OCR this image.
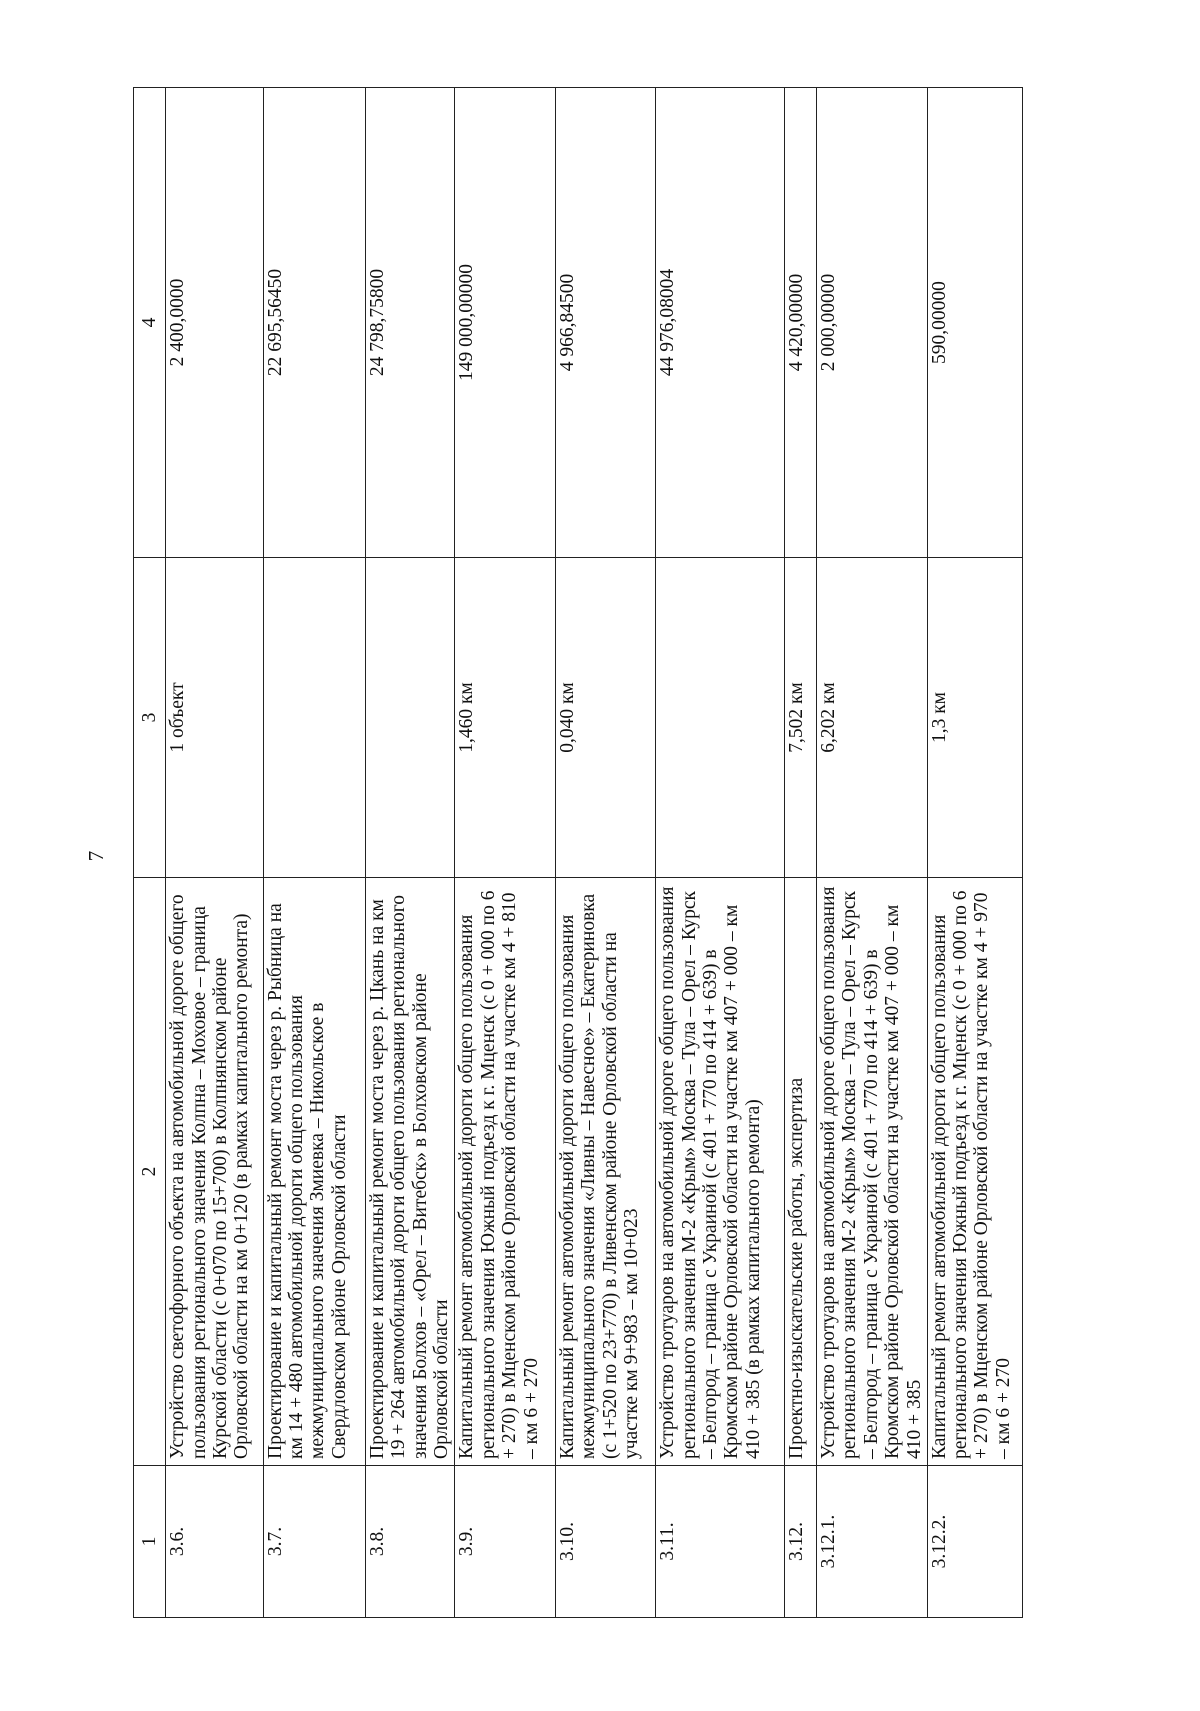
7
1	2	3	4
3.6.	Устройство светофорного объекта на автомобильной дороге общего пользования регионального значения Колпна – Моховое – граница Курской области (с 0+070 по 15+700) в Колпнянском районе Орловской области на км 0+120 (в рамках капитального ремонта)	1 объект	2 400,0000
3.7.	Проектирование и капитальный ремонт моста через р. Рыбница на км 14 + 480 автомобильной дороги общего пользования межмуниципального значения Змиевка – Никольское в Свердловском районе Орловской области		22 695,56450
3.8.	Проектирование и капитальный ремонт моста через р. Цкань на км 19 + 264 автомобильной дороги общего пользования регионального значения Болхов – «Орел – Витебск» в Болховском районе Орловской области		24 798,75800
3.9.	Капитальный ремонт автомобильной дороги общего пользования регионального значения Южный подъезд к г. Мценск (с 0 + 000 по 6 + 270) в Мценском районе Орловской области на участке км 4 + 810 – км 6 + 270	1,460 км	149 000,00000
3.10.	Капитальный ремонт автомобильной дороги общего пользования межмуниципального значения «Ливны – Навесное» – Екатериновка (с 1+520 по 23+770) в Ливенском районе Орловской области на участке км 9+983 – км 10+023	0,040 км	4 966,84500
3.11.	Устройство тротуаров на автомобильной дороге общего пользования регионального значения М-2 «Крым» Москва – Тула – Орел – Курск – Белгород – граница с Украиной (с 401 + 770 по 414 + 639) в Кромском районе Орловской области на участке км 407 + 000 – км 410 + 385 (в рамках капитального ремонта)		44 976,08004
3.12.	Проектно-изыскательские работы, экспертиза	7,502 км	4 420,00000
3.12.1.	Устройство тротуаров на автомобильной дороге общего пользования регионального значения М-2 «Крым» Москва – Тула – Орел – Курск – Белгород – граница с Украиной (с 401 + 770 по 414 + 639) в Кромском районе Орловской области на участке км 407 + 000 – км 410 + 385	6,202 км	2 000,00000
3.12.2.	Капитальный ремонт автомобильной дороги общего пользования регионального значения Южный подъезд к г. Мценск (с 0 + 000 по 6 + 270) в Мценском районе Орловской области на участке км 4 + 970 – км 6 + 270	1,3 км	590,00000
